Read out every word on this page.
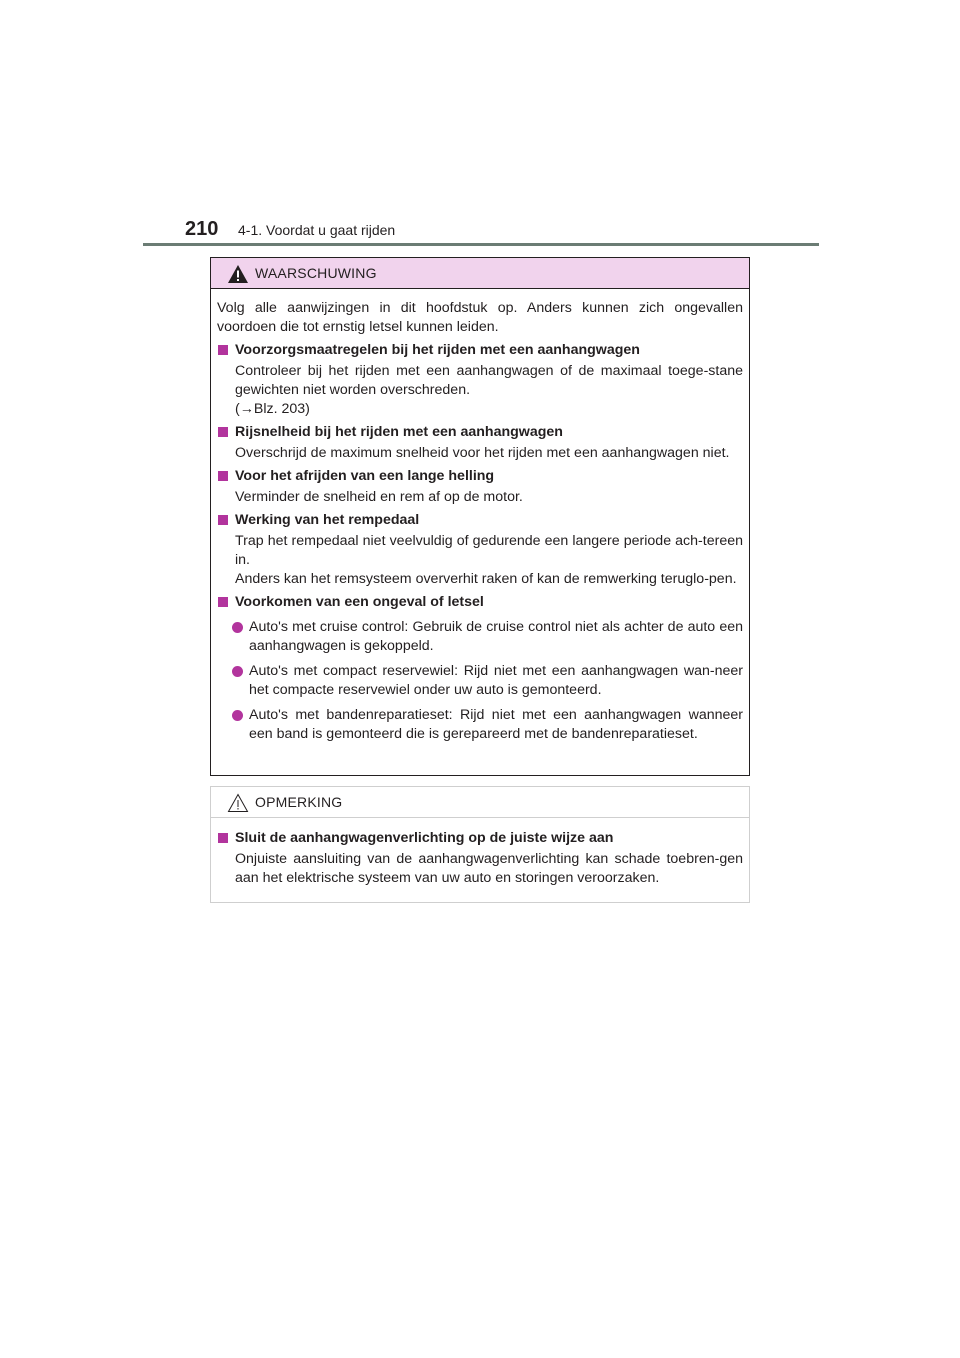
210 4-1. Voordat u gaat rijden
WAARSCHUWING

Volg alle aanwijzingen in dit hoofdstuk op. Anders kunnen zich ongevallen voordoen die tot ernstig letsel kunnen leiden.

Voorzorgsmaatregelen bij het rijden met een aanhangwagen
Controleer bij het rijden met een aanhangwagen of de maximaal toege-stane gewichten niet worden overschreden.
(→Blz. 203)
Rijsnelheid bij het rijden met een aanhangwagen
Overschrijd de maximum snelheid voor het rijden met een aanhangwagen niet.
Voor het afrijden van een lange helling
Verminder de snelheid en rem af op de motor.
Werking van het rempedaal
Trap het rempedaal niet veelvuldig of gedurende een langere periode ach-tereen in.
Anders kan het remsysteem oververhit raken of kan de remwerking teruglo-pen.
Voorkomen van een ongeval of letsel
Auto's met cruise control: Gebruik de cruise control niet als achter de auto een aanhangwagen is gekoppeld.
Auto's met compact reservewiel: Rijd niet met een aanhangwagen wan-neer het compacte reservewiel onder uw auto is gemonteerd.
Auto's met bandenreparatieset: Rijd niet met een aanhangwagen wanneer een band is gemonteerd die is gerepareerd met de bandenreparatieset.
OPMERKING
Sluit de aanhangwagenverlichting op de juiste wijze aan
Onjuiste aansluiting van de aanhangwagenverlichting kan schade toebren-gen aan het elektrische systeem van uw auto en storingen veroorzaken.
